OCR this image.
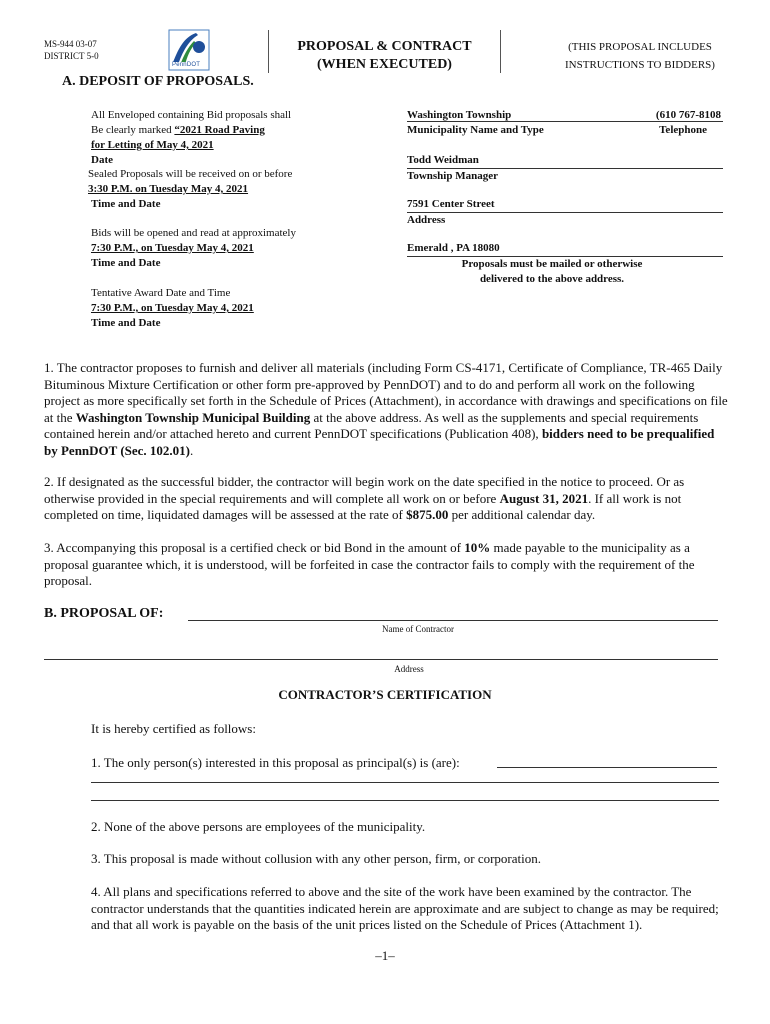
MS-944 03-07
DISTRICT 5-0
PennDOT
PROPOSAL & CONTRACT
(WHEN EXECUTED)
(THIS PROPOSAL INCLUDES
INSTRUCTIONS TO BIDDERS)
A. DEPOSIT OF PROPOSALS.
All Enveloped containing Bid proposals shall
Be clearly marked “2021 Road Paving
for Letting of May 4, 2021
Date
Sealed Proposals will be received on or before
3:30 P.M. on Tuesday May 4, 2021
Time and Date
Bids will be opened and read at approximately
7:30 P.M., on Tuesday May 4, 2021
Time and Date
Tentative Award Date and Time
7:30 P.M., on Tuesday May 4, 2021
Time and Date
Washington Township	(610 767-8108
Municipality Name and Type	Telephone
Todd Weidman
Township Manager
7591 Center Street
Address
Emerald , PA 18080
Proposals must be mailed or otherwise
delivered to the above address.
1. The contractor proposes to furnish and deliver all materials (including Form CS-4171, Certificate of Compliance, TR-465 Daily Bituminous Mixture Certification or other form pre-approved by PennDOT) and to do and perform all work on the following project as more specifically set forth in the Schedule of Prices (Attachment), in accordance with drawings and specifications on file at the Washington Township Municipal Building at the above address. As well as the supplements and special requirements contained herein and/or attached hereto and current PennDOT specifications (Publication 408), bidders need to be prequalified by PennDOT (Sec. 102.01).
2. If designated as the successful bidder, the contractor will begin work on the date specified in the notice to proceed. Or as otherwise provided in the special requirements and will complete all work on or before August 31, 2021. If all work is not completed on time, liquidated damages will be assessed at the rate of $875.00 per additional calendar day.
3. Accompanying this proposal is a certified check or bid Bond in the amount of 10% made payable to the municipality as a proposal guarantee which, it is understood, will be forfeited in case the contractor fails to comply with the requirement of the proposal.
B. PROPOSAL OF:
Name of Contractor
Address
CONTRACTOR’S CERTIFICATION
It is hereby certified as follows:
1. The only person(s) interested in this proposal as principal(s) is (are):
2. None of the above persons are employees of the municipality.
3. This proposal is made without collusion with any other person, firm, or corporation.
4. All plans and specifications referred to above and the site of the work have been examined by the contractor. The contractor understands that the quantities indicated herein are approximate and are subject to change as may be required; and that all work is payable on the basis of the unit prices listed on the Schedule of Prices (Attachment 1).
–1–
